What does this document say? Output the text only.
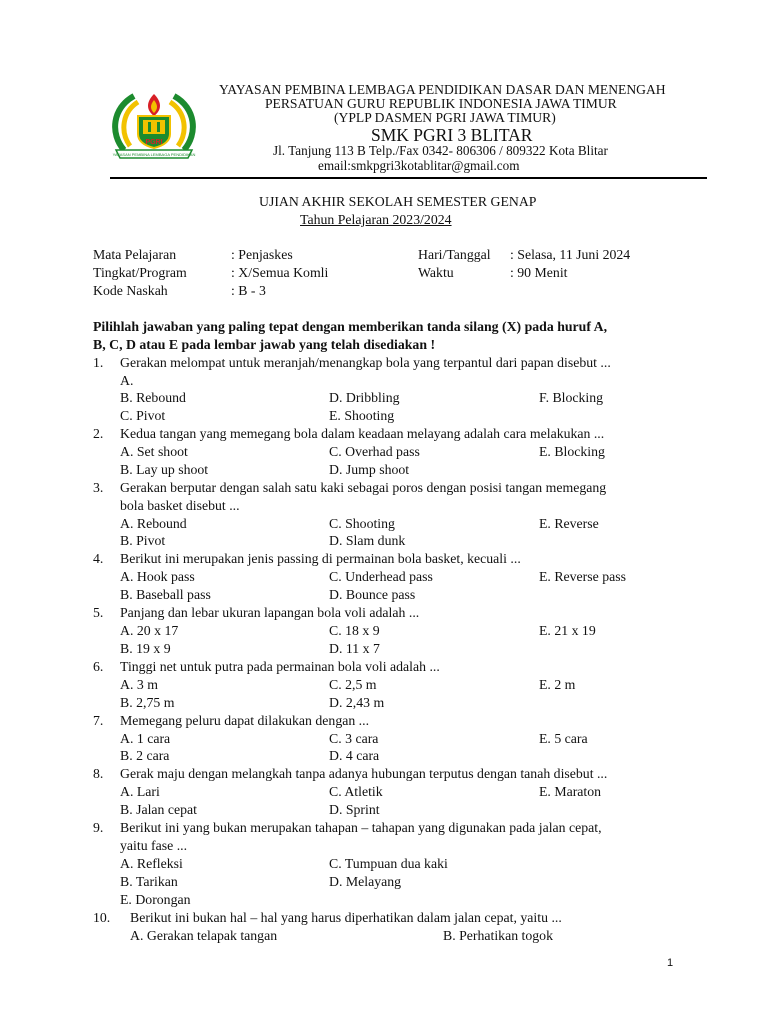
PGRI
YAYASAN PEMBINA LEMBAGA PENDIDIKAN
YAYASAN PEMBINA LEMBAGA PENDIDIKAN DASAR DAN MENENGAH
PERSATUAN GURU REPUBLIK INDONESIA JAWA TIMUR
(YPLP DASMEN PGRI JAWA TIMUR)
SMK PGRI 3 BLITAR
Jl. Tanjung 113 B Telp./Fax 0342- 806306 / 809322 Kota Blitar
email:smkpgri3kotablitar@gmail.com
UJIAN AKHIR SEKOLAH SEMESTER GENAP
Tahun Pelajaran 2023/2024
Mata Pelajaran	: Penjaskes	Hari/Tanggal : Selasa, 11 Juni 2024
Tingkat/Program	: X/Semua Komli	Waktu	: 90 Menit
Kode Naskah	: B - 3
Pilihlah jawaban yang paling tepat dengan memberikan tanda silang (X) pada huruf A,
B, C, D atau E pada lembar jawab yang telah disediakan !
1. Gerakan melompat untuk meranjah/menangkap bola yang terpantul dari papan disebut ...
A.
B. Rebound	D. Dribbling	F. Blocking
C. Pivot	E. Shooting
2. Kedua tangan yang memegang bola dalam keadaan melayang adalah cara melakukan ...
A. Set shoot	C. Overhad pass	E. Blocking
B. Lay up shoot	D. Jump shoot
3. Gerakan berputar dengan salah satu kaki sebagai poros dengan posisi tangan memegang
bola basket disebut ...
A. Rebound	C. Shooting	E. Reverse
B. Pivot	D. Slam dunk
4. Berikut ini merupakan jenis passing di permainan bola basket, kecuali ...
A. Hook pass	C. Underhead pass	E. Reverse pass
B. Baseball pass	D. Bounce pass
5. Panjang dan lebar ukuran lapangan bola voli adalah ...
A. 20 x 17	C. 18 x 9	E. 21 x 19
B. 19 x 9	D. 11 x 7
6. Tinggi net untuk putra pada permainan bola voli adalah ...
A. 3 m	C. 2,5 m	E. 2 m
B. 2,75 m	D. 2,43 m
7. Memegang peluru dapat dilakukan dengan ...
A. 1 cara	C. 3 cara	E. 5 cara
B. 2 cara	D. 4 cara
8. Gerak maju dengan melangkah tanpa adanya hubungan terputus dengan tanah disebut ...
A. Lari	C. Atletik	E. Maraton
B. Jalan cepat	D. Sprint
9. Berikut ini yang bukan merupakan tahapan – tahapan yang digunakan pada jalan cepat,
yaitu fase ...
A. Refleksi	C. Tumpuan dua kaki
B. Tarikan	D. Melayang
E. Dorongan
10. Berikut ini bukan hal – hal yang harus diperhatikan dalam jalan cepat, yaitu ...
A. Gerakan telapak tangan	B. Perhatikan togok
1
